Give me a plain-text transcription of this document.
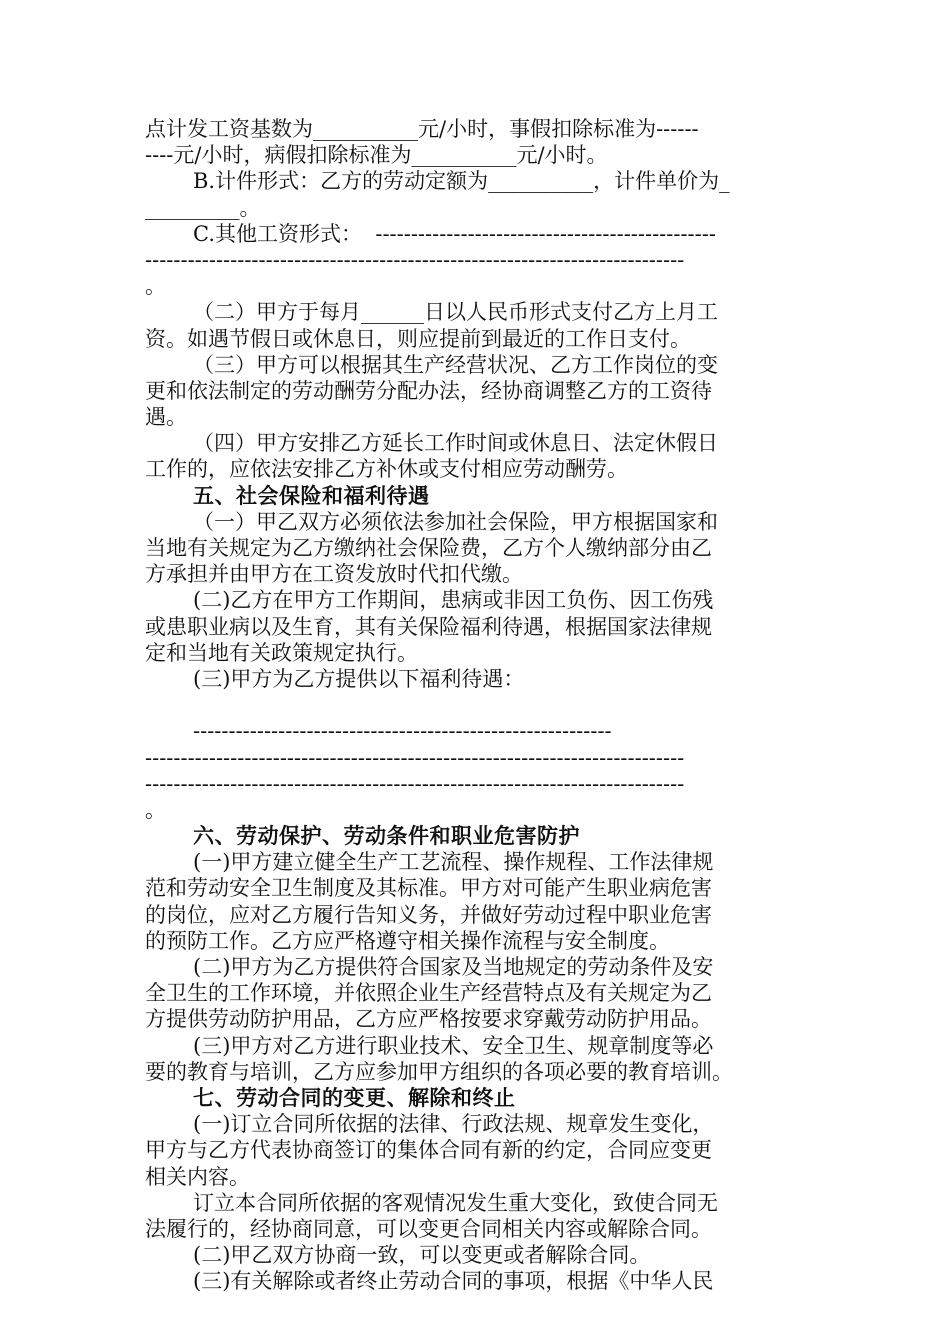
点计发工资基数为__________元/小时，事假扣除标准为------
----元/小时，病假扣除标准为__________元/小时。
B.计件形式：乙方的劳动定额为__________，计件单价为_
_________。
C.其他工资形式：  ------------------------------------------------
----------------------------------------------------------------------------
。
（二）甲方于每月______日以人民币形式支付乙方上月工
资。如遇节假日或休息日，则应提前到最近的工作日支付。
（三）甲方可以根据其生产经营状况、乙方工作岗位的变
更和依法制定的劳动酬劳分配办法，经协商调整乙方的工资待
遇。
（四）甲方安排乙方延长工作时间或休息日、法定休假日
工作的，应依法安排乙方补休或支付相应劳动酬劳。
五、社会保险和福利待遇
（一）甲乙双方必须依法参加社会保险，甲方根据国家和
当地有关规定为乙方缴纳社会保险费，乙方个人缴纳部分由乙
方承担并由甲方在工资发放时代扣代缴。
(二)乙方在甲方工作期间，患病或非因工负伤、因工伤残
或患职业病以及生育，其有关保险福利待遇，根据国家法律规
定和当地有关政策规定执行。
(三)甲方为乙方提供以下福利待遇：
-----------------------------------------------------------
----------------------------------------------------------------------------
----------------------------------------------------------------------------
。
六、劳动保护、劳动条件和职业危害防护
(一)甲方建立健全生产工艺流程、操作规程、工作法律规
范和劳动安全卫生制度及其标准。甲方对可能产生职业病危害
的岗位，应对乙方履行告知义务，并做好劳动过程中职业危害
的预防工作。乙方应严格遵守相关操作流程与安全制度。
(二)甲方为乙方提供符合国家及当地规定的劳动条件及安
全卫生的工作环境，并依照企业生产经营特点及有关规定为乙
方提供劳动防护用品，乙方应严格按要求穿戴劳动防护用品。
(三)甲方对乙方进行职业技术、安全卫生、规章制度等必
要的教育与培训，乙方应参加甲方组织的各项必要的教育培训。
七、劳动合同的变更、解除和终止
(一)订立合同所依据的法律、行政法规、规章发生变化，
甲方与乙方代表协商签订的集体合同有新的约定，合同应变更
相关内容。
订立本合同所依据的客观情况发生重大变化，致使合同无
法履行的，经协商同意，可以变更合同相关内容或解除合同。
(二)甲乙双方协商一致，可以变更或者解除合同。
(三)有关解除或者终止劳动合同的事项，根据《中华人民
